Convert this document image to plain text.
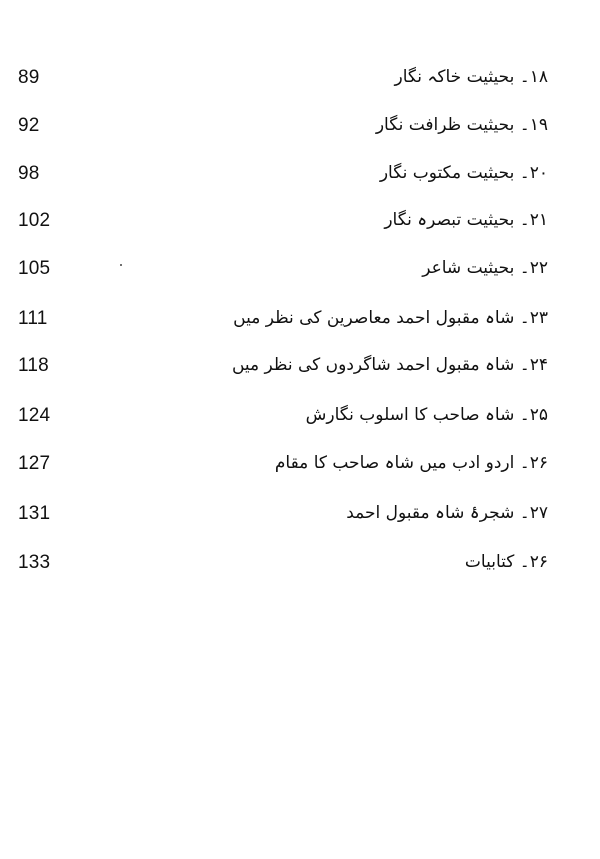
89	۱۸۔ بحیثیت خاکہ نگار
92	۱۹۔ بحیثیت ظرافت نگار
98	۲۰۔ بحیثیت مکتوب نگار
102	۲۱۔ بحیثیت تبصرہ نگار
105	۲۲۔ بحیثیت شاعر
111	۲۳۔ شاہ مقبول احمد معاصرین کی نظر میں
118	۲۴۔ شاہ مقبول احمد شاگردوں کی نظر میں
124	۲۵۔ شاہ صاحب کا اسلوب نگارش
127	۲۶۔ اردو ادب میں شاہ صاحب کا مقام
131	۲۷۔ شجرۂ شاہ مقبول احمد
133	۲۶۔ کتابیات
